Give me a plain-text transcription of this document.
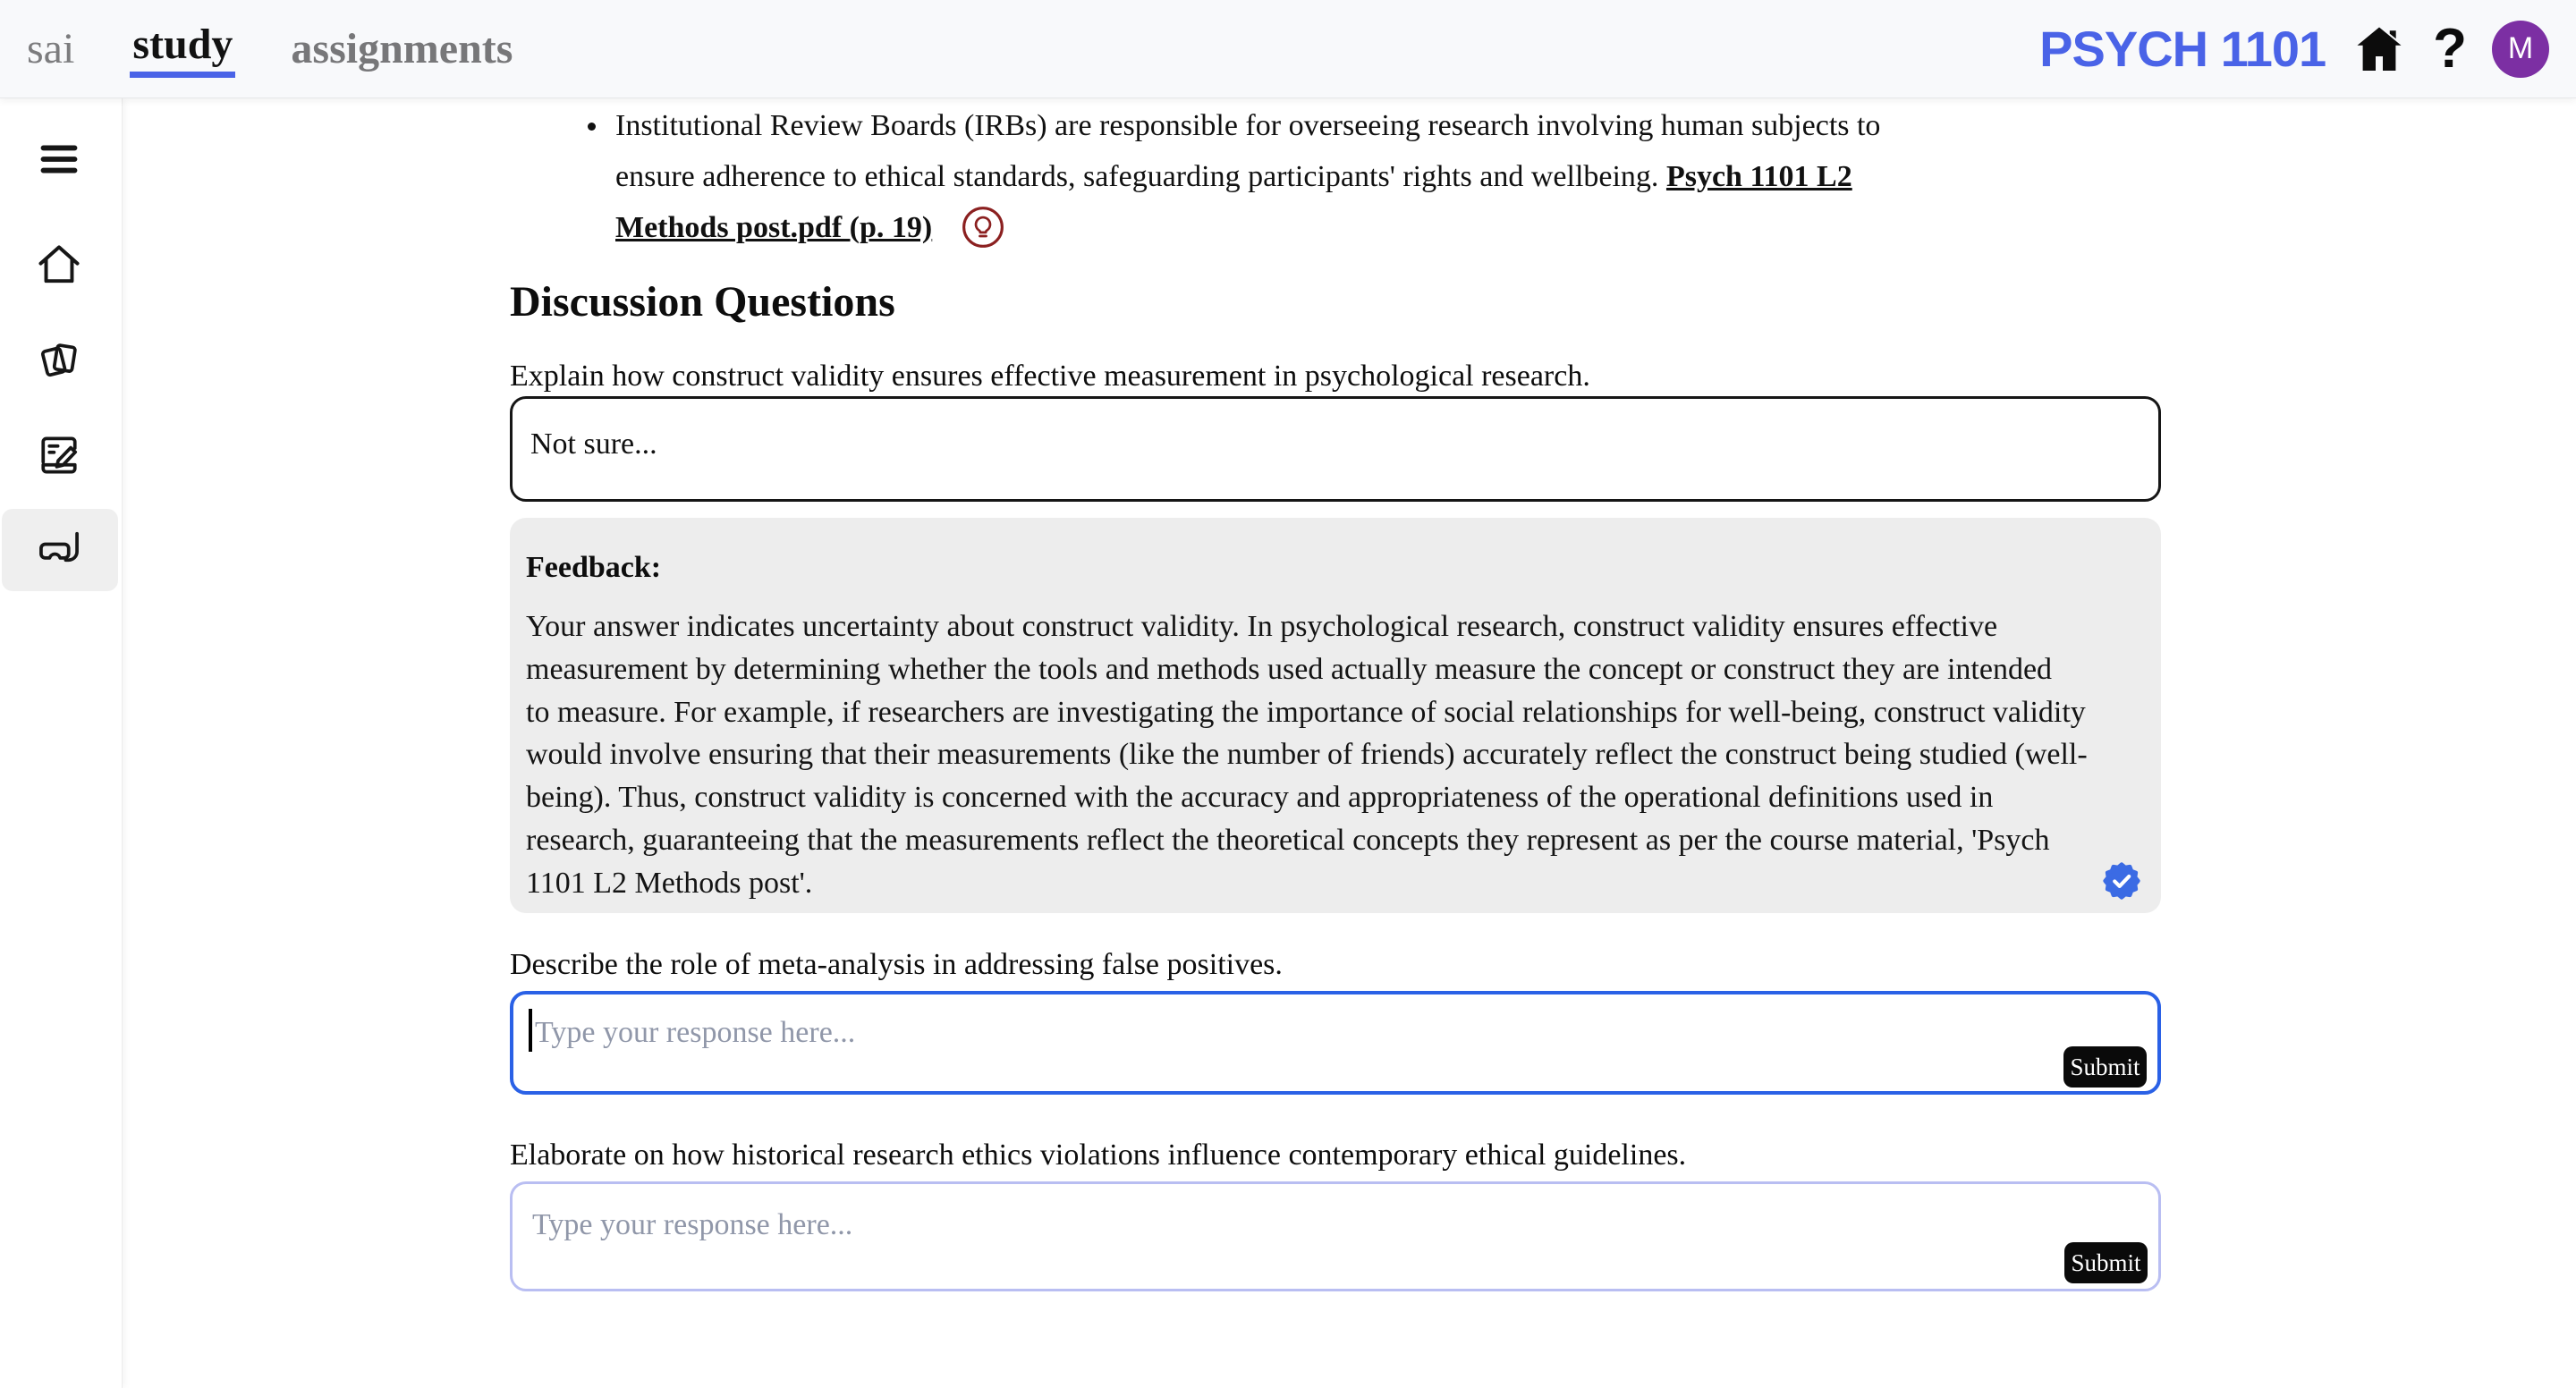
sai study assignments	PSYCH 1101 ? M
Institutional Review Boards (IRBs) are responsible for overseeing research involving human subjects to
ensure adherence to ethical standards, safeguarding participants' rights and wellbeing. Psych 1101 L2
Methods post.pdf (p. 19)
Discussion Questions

Explain how construct validity ensures effective measurement in psychological research.

Not sure...
Feedback:
Your answer indicates uncertainty about construct validity. In psychological research, construct validity ensures effective
measurement by determining whether the tools and methods used actually measure the concept or construct they are intended
to measure. For example, if researchers are investigating the importance of social relationships for well-being, construct validity
would involve ensuring that their measurements (like the number of friends) accurately reflect the construct being studied (well-
being). Thus, construct validity is concerned with the accuracy and appropriateness of the operational definitions used in
research, guaranteeing that the measurements reflect the theoretical concepts they represent as per the course material, 'Psych
1101 L2 Methods post'.

Describe the role of meta-analysis in addressing false positives.

Type your response here...
Submit

Elaborate on how historical research ethics violations influence contemporary ethical guidelines.

Type your response here...
Submit
